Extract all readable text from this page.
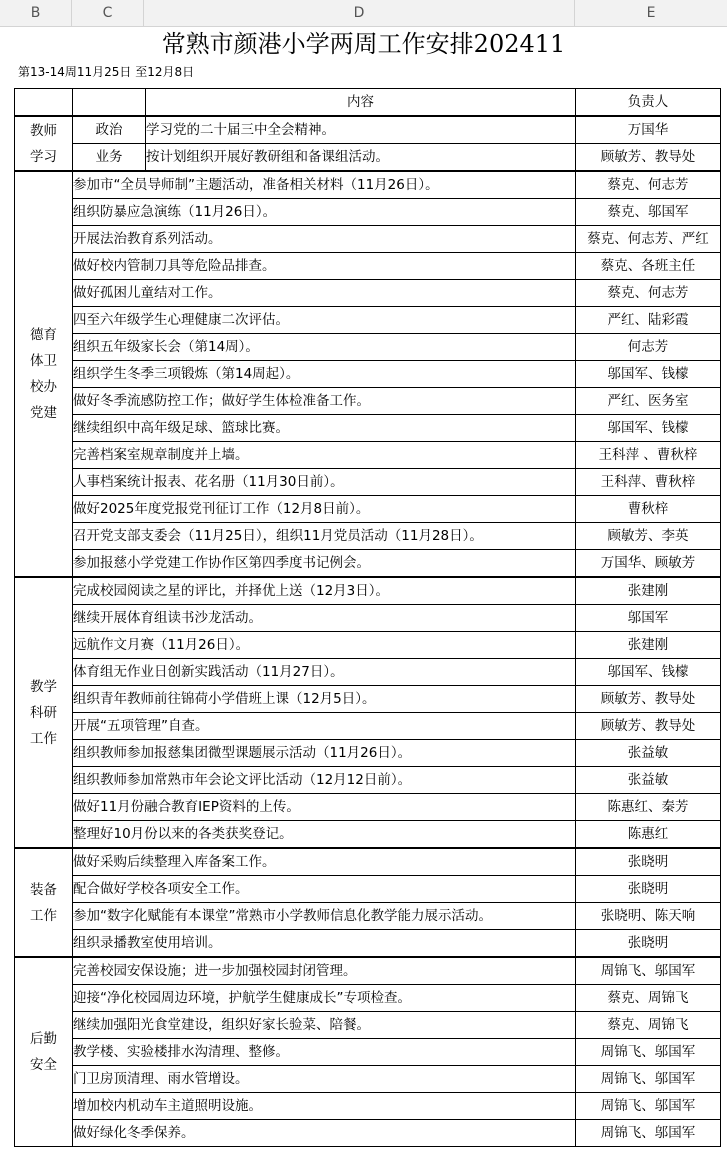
B	C	D	E
常熟市颜港小学两周工作安排202411
第13-14周11月25日 至12月8日
		内容	负责人

教师
学习	政治	学习党的二十届三中全会精神。	万国华
	业务	按计划组织开展好教研组和备课组活动。	顾敏芳、教导处

德育
体卫
校办
党建	参加市“全员导师制”主题活动，准备相关材料（11月26日）。		蔡克、何志芳
	组织防暴应急演练（11月26日）。		蔡克、邬国军
	开展法治教育系列活动。		蔡克、何志芳、严红
	做好校内管制刀具等危险品排查。		蔡克、各班主任
	做好孤困儿童结对工作。		蔡克、何志芳
	四至六年级学生心理健康二次评估。		严红、陆彩霞
	组织五年级家长会（第14周）。		何志芳
	组织学生冬季三项锻炼（第14周起）。		邬国军、钱檬
	做好冬季流感防控工作；做好学生体检准备工作。		严红、医务室
	继续组织中高年级足球、篮球比赛。		邬国军、钱檬
	完善档案室规章制度并上墙。		王科萍 、曹秋梓
	人事档案统计报表、花名册（11月30日前）。		王科萍、曹秋梓
	做好2025年度党报党刊征订工作（12月8日前）。		曹秋梓
	召开党支部支委会（11月25日），组织11月党员活动（11月28日）。		顾敏芳、李英
	参加报慈小学党建工作协作区第四季度书记例会。		万国华、顾敏芳

教学
科研
工作	完成校园阅读之星的评比，并择优上送（12月3日）。		张建刚
	继续开展体育组读书沙龙活动。		邬国军
	远航作文月赛（11月26日）。		张建刚
	体育组无作业日创新实践活动（11月27日）。		邬国军、钱檬
	组织青年教师前往锦荷小学借班上课（12月5日）。		顾敏芳、教导处
	开展“五项管理”自查。		顾敏芳、教导处
	组织教师参加报慈集团微型课题展示活动（11月26日）。		张益敏
	组织教师参加常熟市年会论文评比活动（12月12日前）。		张益敏
	做好11月份融合教育IEP资料的上传。		陈惠红、秦芳
	整理好10月份以来的各类获奖登记。		陈惠红

装备
工作	做好采购后续整理入库备案工作。		张晓明
	配合做好学校各项安全工作。		张晓明
	参加“数字化赋能有本课堂”常熟市小学教师信息化教学能力展示活动。		张晓明、陈天响
	组织录播教室使用培训。		张晓明

后勤
安全	完善校园安保设施；进一步加强校园封闭管理。		周锦飞、邬国军
	迎接“净化校园周边环境，护航学生健康成长”专项检查。		蔡克、周锦飞
	继续加强阳光食堂建设，组织好家长验菜、陪餐。		蔡克、周锦飞
	教学楼、实验楼排水沟清理、整修。		周锦飞、邬国军
	门卫房顶清理、雨水管增设。		周锦飞、邬国军
	增加校内机动车主道照明设施。		周锦飞、邬国军
	做好绿化冬季保养。		周锦飞、邬国军
